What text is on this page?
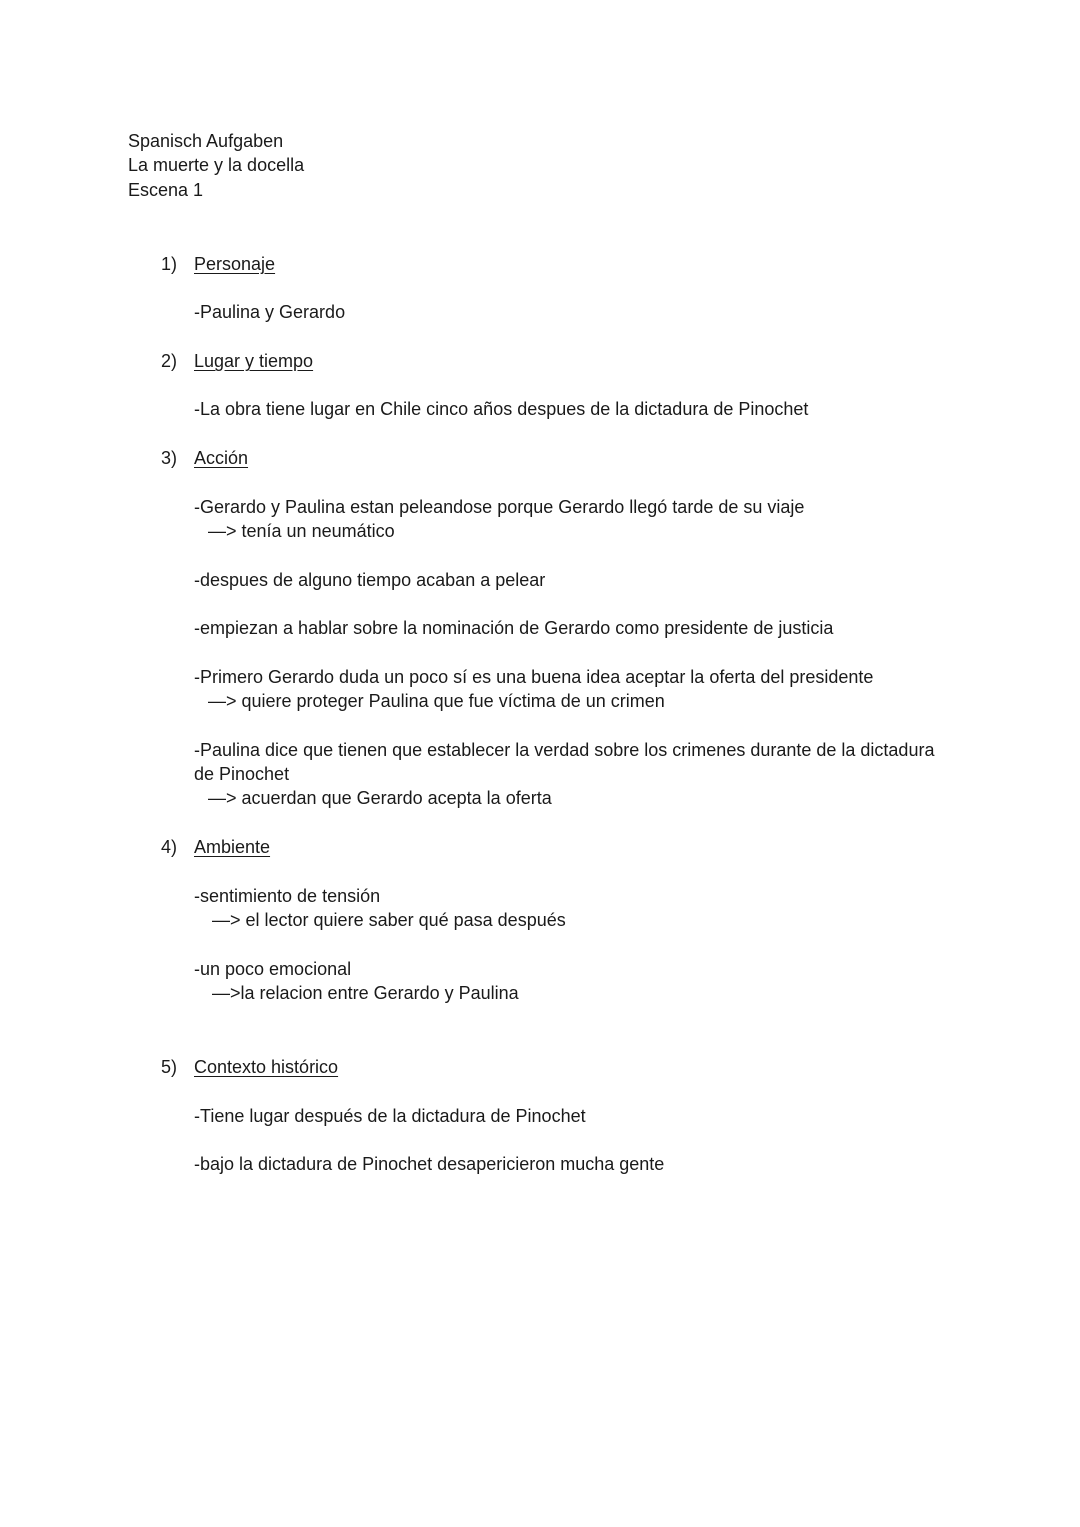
Spanisch Aufgaben
La muerte y la docella
Escena 1
1) Personaje
-Paulina y Gerardo
2) Lugar y tiempo
-La obra tiene lugar en Chile cinco años despues de la dictadura de Pinochet
3) Acción
-Gerardo y Paulina estan peleandose porque Gerardo llegó tarde de su viaje
—> tenía un neumático
-despues de alguno tiempo acaban a pelear
-empiezan a hablar sobre la nominación de Gerardo como presidente de justicia
-Primero Gerardo duda un poco sí es una buena idea aceptar la oferta del presidente
—> quiere proteger Paulina que fue víctima de un crimen
-Paulina dice que tienen que establecer la verdad sobre los crimenes durante de la dictadura
de Pinochet
—> acuerdan que Gerardo acepta la oferta
4) Ambiente
-sentimiento de tensión
—> el lector quiere saber qué pasa después
-un poco emocional
—>la relacion entre Gerardo y Paulina
5) Contexto histórico
-Tiene lugar después de la dictadura de Pinochet
-bajo la dictadura de Pinochet desapericieron mucha gente
